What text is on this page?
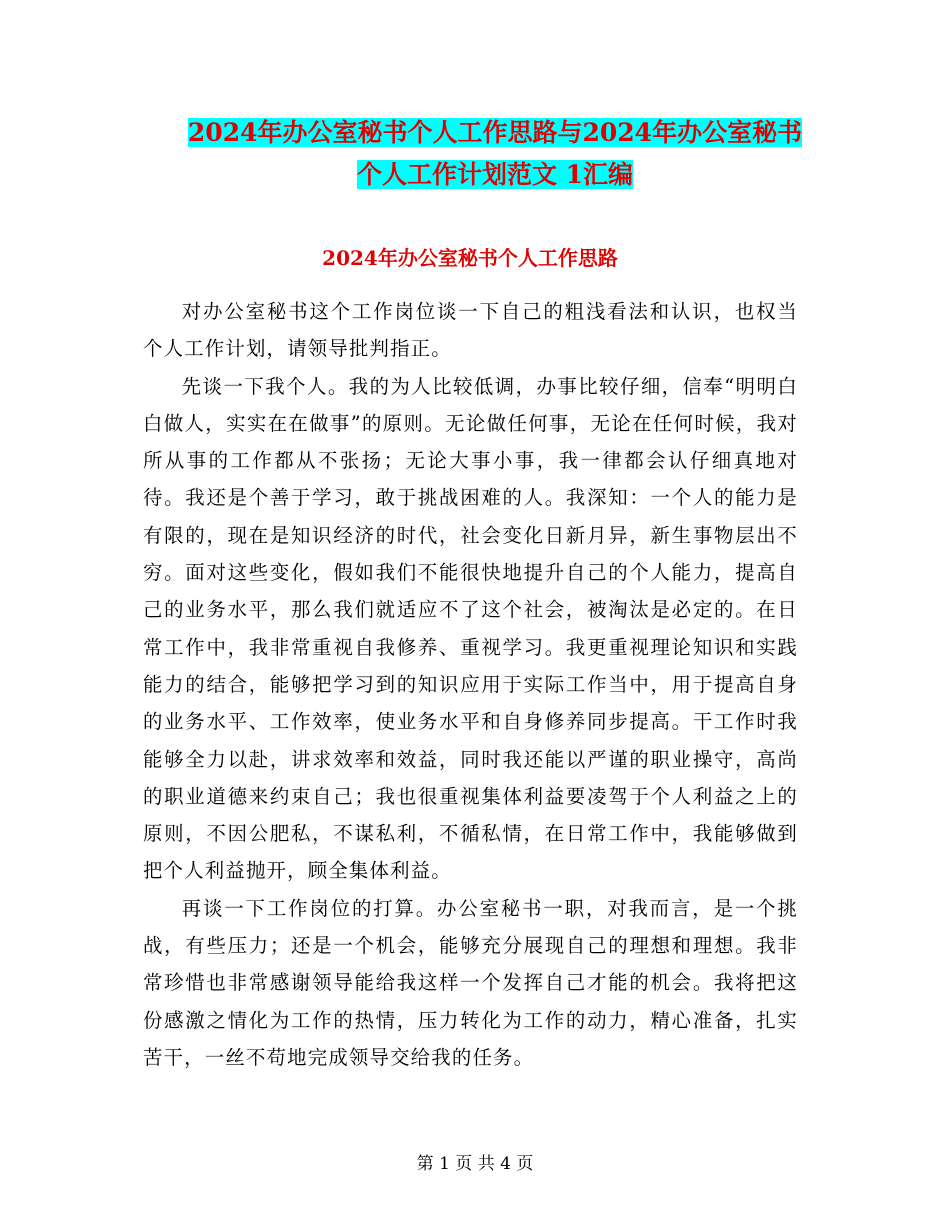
2024年办公室秘书个人工作思路与2024年办公室秘书
个人工作计划范文 1汇编
2024年办公室秘书个人工作思路

对办公室秘书这个工作岗位谈一下自己的粗浅看法和认识，也权当个人工作计划，请领导批判指正。

先谈一下我个人。我的为人比较低调，办事比较仔细，信奉“明明白白做人，实实在在做事”的原则。无论做任何事，无论在任何时候，我对所从事的工作都从不张扬；无论大事小事，我一律都会认仔细真地对待。我还是个善于学习，敢于挑战困难的人。我深知：一个人的能力是有限的，现在是知识经济的时代，社会变化日新月异，新生事物层出不穷。面对这些变化，假如我们不能很快地提升自己的个人能力，提高自己的业务水平，那么我们就适应不了这个社会，被淘汰是必定的。在日常工作中，我非常重视自我修养、重视学习。我更重视理论知识和实践能力的结合，能够把学习到的知识应用于实际工作当中，用于提高自身的业务水平、工作效率，使业务水平和自身修养同步提高。干工作时我能够全力以赴，讲求效率和效益，同时我还能以严谨的职业操守，高尚的职业道德来约束自己；我也很重视集体利益要凌驾于个人利益之上的原则，不因公肥私，不谋私利，不循私情，在日常工作中，我能够做到把个人利益抛开，顾全集体利益。

再谈一下工作岗位的打算。办公室秘书一职，对我而言，是一个挑战，有些压力；还是一个机会，能够充分展现自己的理想和理想。我非常珍惜也非常感谢领导能给我这样一个发挥自己才能的机会。我将把这份感激之情化为工作的热情，压力转化为工作的动力，精心准备，扎实苦干，一丝不苟地完成领导交给我的任务。

第 1 页 共 4 页
